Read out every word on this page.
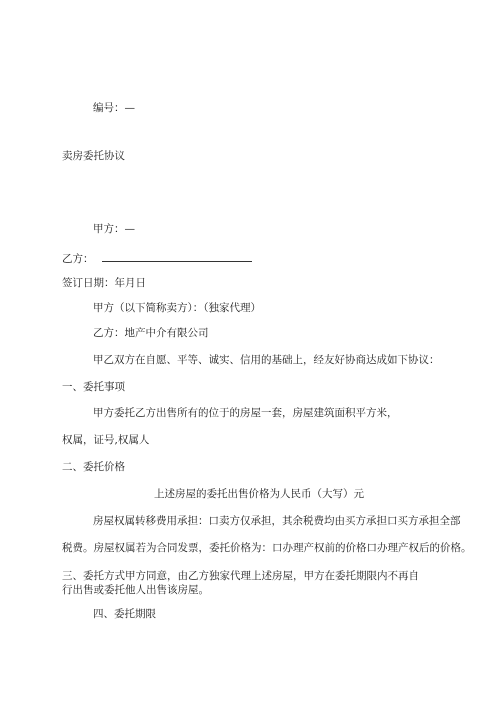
编号：—
卖房委托协议
甲方：—
乙方：
签订日期：年月日
甲方（以下简称卖方）：（独家代理）
乙方：地产中介有限公司
甲乙双方在自愿、平等、诚实、信用的基础上，经友好协商达成如下协议：
一、委托事项
甲方委托乙方出售所有的位于的房屋一套，房屋建筑面积平方米，
权属，证号,权属人
二、委托价格
上述房屋的委托出售价格为人民币（大写）元
房屋权属转移费用承担：口卖方仅承担，其余税费均由买方承担口买方承担全部
税费。房屋权属若为合同发票，委托价格为：口办理产权前的价格口办理产权后的价格。
三、委托方式甲方同意，由乙方独家代理上述房屋，甲方在委托期限内不再自行出售或委托他人出售该房屋。
四、委托期限
